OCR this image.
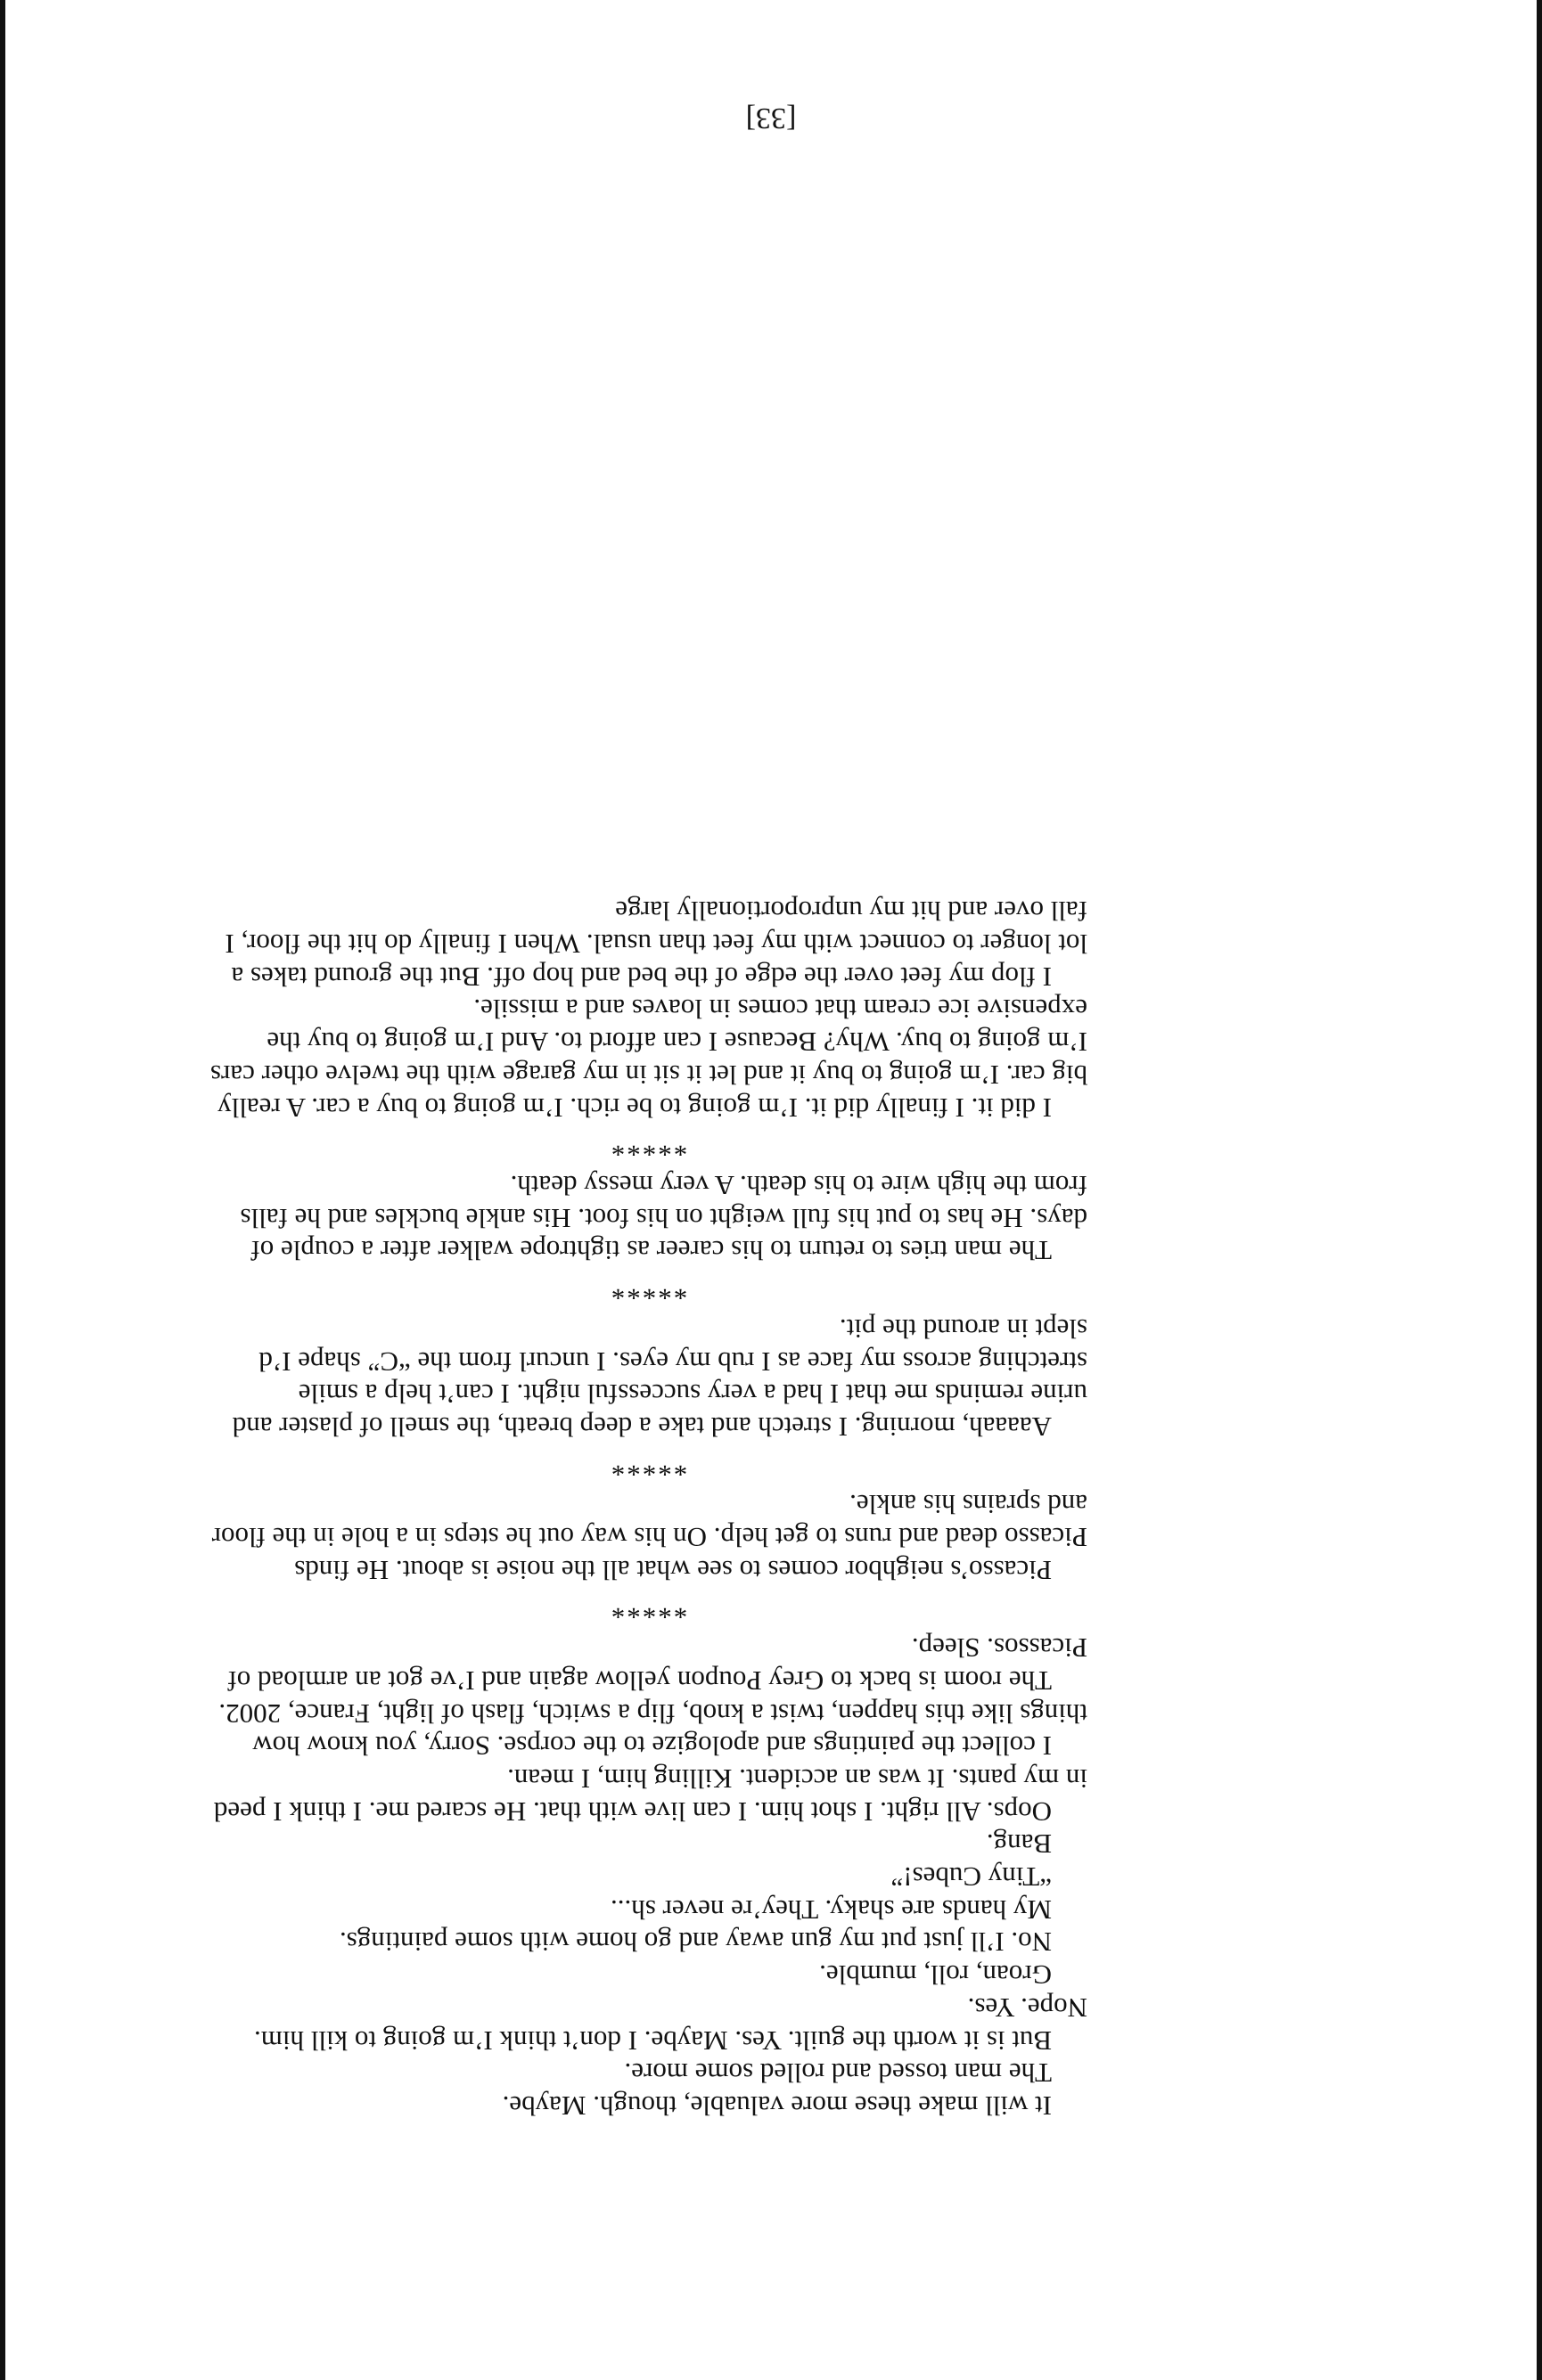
It will make these more valuable, though. Maybe.

The man tossed and rolled some more.

But is it worth the guilt. Yes. Maybe. I don’t think I’m going to kill him. Nope. Yes.

Groan, roll, mumble.

No. I’ll just put my gun away and go home with some paintings.

My hands are shaky. They’re never sh...

“Tiny Cubes!”

Bang.

Oops. All right. I shot him. I can live with that. He scared me. I think I peed in my pants. It was an accident. Killing him, I mean.

I collect the paintings and apologize to the corpse. Sorry, you know how things like this happen, twist a knob, flip a switch, flash of light, France, 2002.

The room is back to Grey Poupon yellow again and I’ve got an armload of Picassos. Sleep.

*****

Picasso’s neighbor comes to see what all the noise is about. He finds Picasso dead and runs to get help. On his way out he steps in a hole in the floor and sprains his ankle.

*****

Aaaaah, morning. I stretch and take a deep breath, the smell of plaster and urine reminds me that I had a very successful night. I can’t help a smile stretching across my face as I rub my eyes. I uncurl from the “C” shape I’d slept in around the pit.

*****

The man tries to return to his career as tightrope walker after a couple of days. He has to put his full weight on his foot. His ankle buckles and he falls from the high wire to his death. A very messy death.

*****

I did it. I finally did it. I’m going to be rich. I’m going to buy a car. A really big car. I’m going to buy it and let it sit in my garage with the twelve other cars I’m going to buy. Why? Because I can afford to. And I’m going to buy the expensive ice cream that comes in loaves and a missile.

I flop my feet over the edge of the bed and hop off. But the ground takes a lot longer to connect with my feet than usual. When I finally do hit the floor, I fall over and hit my unproportionally large

[33]
